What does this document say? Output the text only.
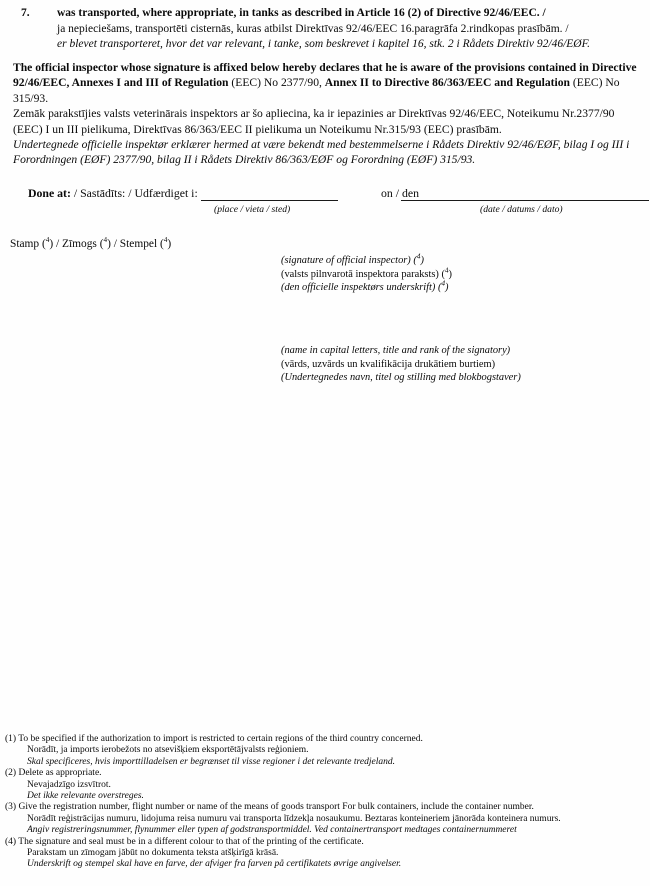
7.	was transported, where appropriate, in tanks as described in Article 16 (2) of Directive 92/46/EEC. /
ja nepieciešams, transportēti cisternās, kuras atbilst Direktīvas 92/46/EEC 16.paragrāfa 2.rindkopas prasībām. /
er blevet transporteret, hvor det var relevant, i tanke, som beskrevet i kapitel 16, stk. 2 i Rådets Direktiv 92/46/EØF.
The official inspector whose signature is affixed below hereby declares that he is aware of the provisions contained in Directive 92/46/EEC, Annexes I and III of Regulation (EEC) No 2377/90, Annex II to Directive 86/363/EEC and Regulation (EEC) No 315/93.
Zemāk parakstījies valsts veterinārais inspektors ar šo apliecina, ka ir iepazinies ar Direktīvas 92/46/EEC, Noteikumu Nr.2377/90 (EEC) I un III pielikuma, Direktīvas 86/363/EEC II pielikuma un Noteikumu Nr.315/93 (EEC) prasībām.
Undertegnede officielle inspektør erklærer hermed at være bekendt med bestemmelserne i Rådets Direktiv 92/46/EØF, bilag I og III i Forordningen (EØF) 2377/90, bilag II i Rådets Direktiv 86/363/EØF og Forordning (EØF) 315/93.
Done at: / Sastādīts: / Udfærdiget i:	on / den
(place / vieta / sted)	(date / datums / dato)
Stamp ($^4$) / Zīmogs ($^4$) / Stempel ($^4$)
(signature of official inspector) ($^4$)
(valsts pilnvarotā inspektora paraksts) ($^4$)
(den officielle inspektørs underskrift) ($^4$)
(name in capital letters, title and rank of the signatory)
(vārds, uzvārds un kvalifikācija drukātiem burtiem)
(Undertegnedes navn, titel og stilling med blokbogstaver)
(1) To be specified if the authorization to import is restricted to certain regions of the third country concerned.
Norādīt, ja imports ierobežots no atsevišķiem eksportētājvalsts reģioniem.
Skal specificeres, hvis importtilladelsen er begrænset til visse regioner i det relevante tredjeland.
(2) Delete as appropriate.
Nevajadzīgo izsvītrot.
Det ikke relevante overstreges.
(3) Give the registration number, flight number or name of the means of goods transport For bulk containers, include the container number.
Norādīt reģistrācijas numuru, lidojuma reisa numuru vai transporta līdzekļa nosaukumu. Beztaras konteineriem jānorāda konteinera numurs.
Angiv registreringsnummer, flynummer eller typen af godstransportmiddel. Ved containertransport medtages containernummeret
(4) The signature and seal must be in a different colour to that of the printing of the certificate.
Parakstam un zīmogam jābūt no dokumenta teksta atšķirīgā krāsā.
Underskrift og stempel skal have en farve, der afviger fra farven på certifikatets øvrige angivelser.
